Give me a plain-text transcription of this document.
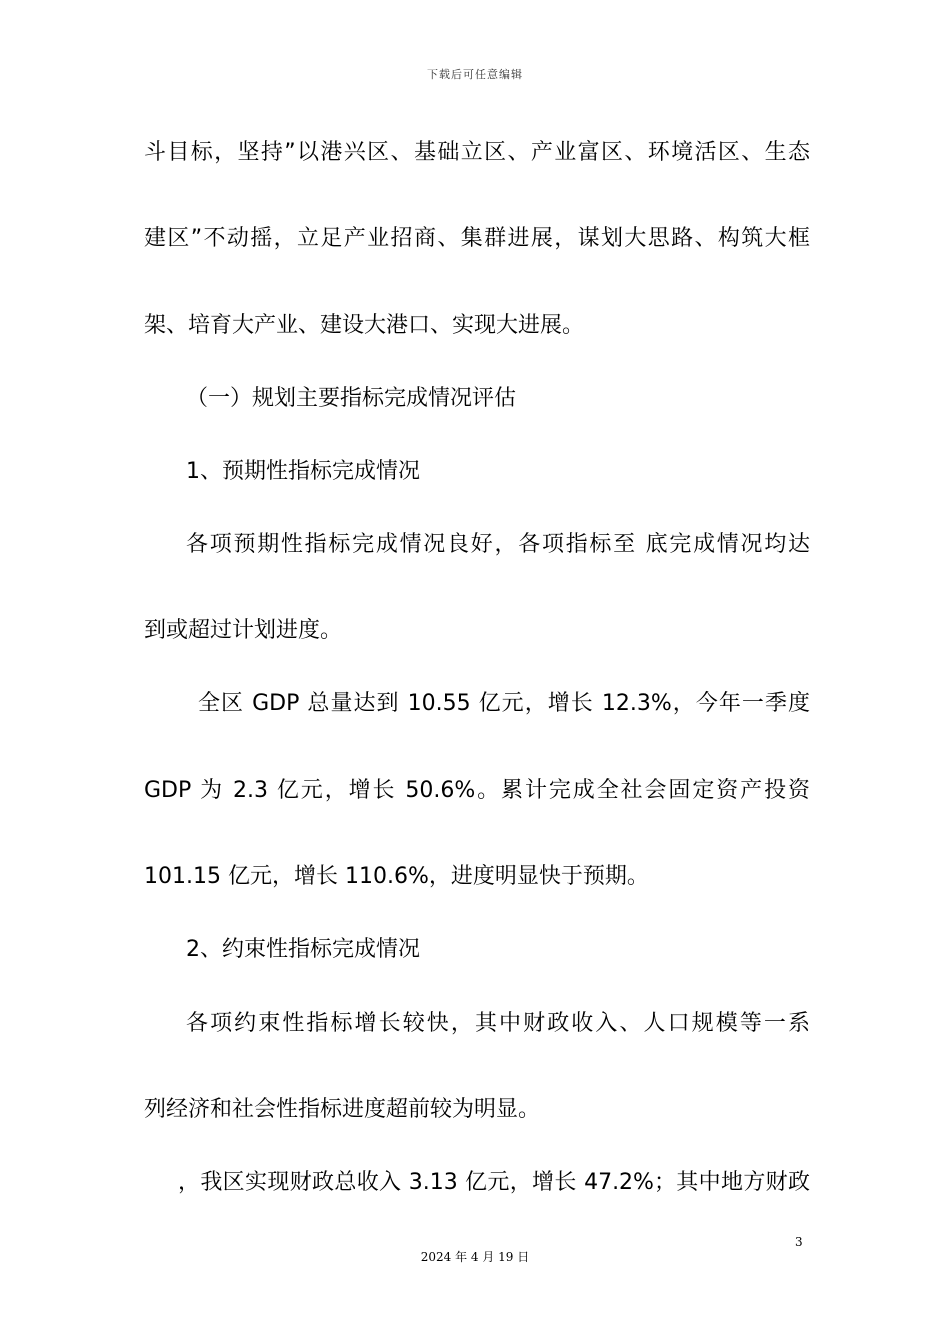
下载后可任意编辑
斗目标，坚持”以港兴区、基础立区、产业富区、环境活区、生态
建区”不动摇，立足产业招商、集群进展，谋划大思路、构筑大框
架、培育大产业、建设大港口、实现大进展。
（一）规划主要指标完成情况评估
1、预期性指标完成情况
各项预期性指标完成情况良好，各项指标至 底完成情况均达
到或超过计划进度。
全区 GDP 总量达到 10.55 亿元，增长 12.3%，今年一季度
GDP 为 2.3 亿元，增长 50.6%。累计完成全社会固定资产投资
101.15 亿元，增长 110.6%，进度明显快于预期。
2、约束性指标完成情况
各项约束性指标增长较快，其中财政收入、人口规模等一系
列经济和社会性指标进度超前较为明显。
，我区实现财政总收入 3.13 亿元，增长 47.2%；其中地方财政
3
2024 年 4 月 19 日
